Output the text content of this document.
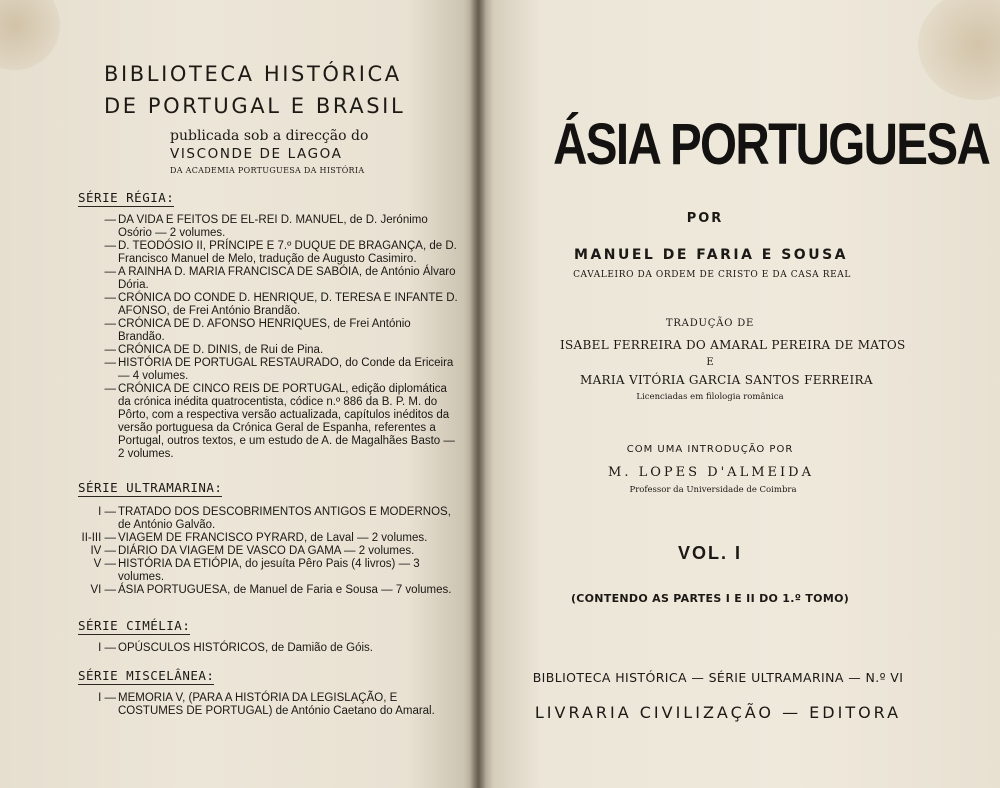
BIBLIOTECA HISTÓRICA
DE PORTUGAL E BRASIL
publicada sob a direcção do
VISCONDE DE LAGOA
DA ACADEMIA PORTUGUESA DA HISTÓRIA
SÉRIE RÉGIA:
— DA VIDA E FEITOS DE EL-REI D. MANUEL, de D. Jerónimo Osório — 2 volumes.
— D. TEODÓSIO II, PRÍNCIPE E 7.º DUQUE DE BRAGANÇA, de D. Francisco Manuel de Melo, tradução de Augusto Casimiro.
— A RAINHA D. MARIA FRANCISCA DE SABÓIA, de António Álvaro Dória.
— CRÓNICA DO CONDE D. HENRIQUE, D. TERESA E INFANTE D. AFONSO, de Frei António Brandão.
— CRÓNICA DE D. AFONSO HENRIQUES, de Frei António Brandão.
— CRÓNICA DE D. DINIS, de Rui de Pina.
— HISTÓRIA DE PORTUGAL RESTAURADO, do Conde da Ericeira — 4 volumes.
— CRÓNICA DE CINCO REIS DE PORTUGAL, edição diplomática da crónica inédita quatrocentista, códice n.º 886 da B. P. M. do Pôrto, com a respectiva versão actualizada, capítulos inéditos da versão portuguesa da Crónica Geral de Espanha, referentes a Portugal, outros textos, e um estudo de A. de Magalhães Basto — 2 volumes.
SÉRIE ULTRAMARINA:
I — TRATADO DOS DESCOBRIMENTOS ANTIGOS E MODERNOS, de António Galvão.
II-III — VIAGEM DE FRANCISCO PYRARD, de Laval — 2 volumes.
IV — DIÁRIO DA VIAGEM DE VASCO DA GAMA — 2 volumes.
V — HISTÓRIA DA ETIÓPIA, do jesuíta Pêro Pais (4 livros) — 3 volumes.
VI — ÁSIA PORTUGUESA, de Manuel de Faria e Sousa — 7 volumes.
SÉRIE CIMÉLIA:
I — OPÚSCULOS HISTÓRICOS, de Damião de Góis.
SÉRIE MISCELÂNEA:
I — MEMORIA V, (PARA A HISTÓRIA DA LEGISLAÇÃO, E COSTUMES DE PORTUGAL) de António Caetano do Amaral.
ÁSIA PORTUGUESA
POR
MANUEL DE FARIA E SOUSA
CAVALEIRO DA ORDEM DE CRISTO E DA CASA REAL
TRADUÇÃO DE
ISABEL FERREIRA DO AMARAL PEREIRA DE MATOS
E
MARIA VITÓRIA GARCIA SANTOS FERREIRA
Licenciadas em filologia românica
COM UMA INTRODUÇÃO POR
M. LOPES D'ALMEIDA
Professor da Universidade de Coimbra
VOL. I
(CONTENDO AS PARTES I E II DO 1.º TOMO)
BIBLIOTECA HISTÓRICA — SÉRIE ULTRAMARINA — N.º VI
LIVRARIA CIVILIZAÇÃO — EDITORA
